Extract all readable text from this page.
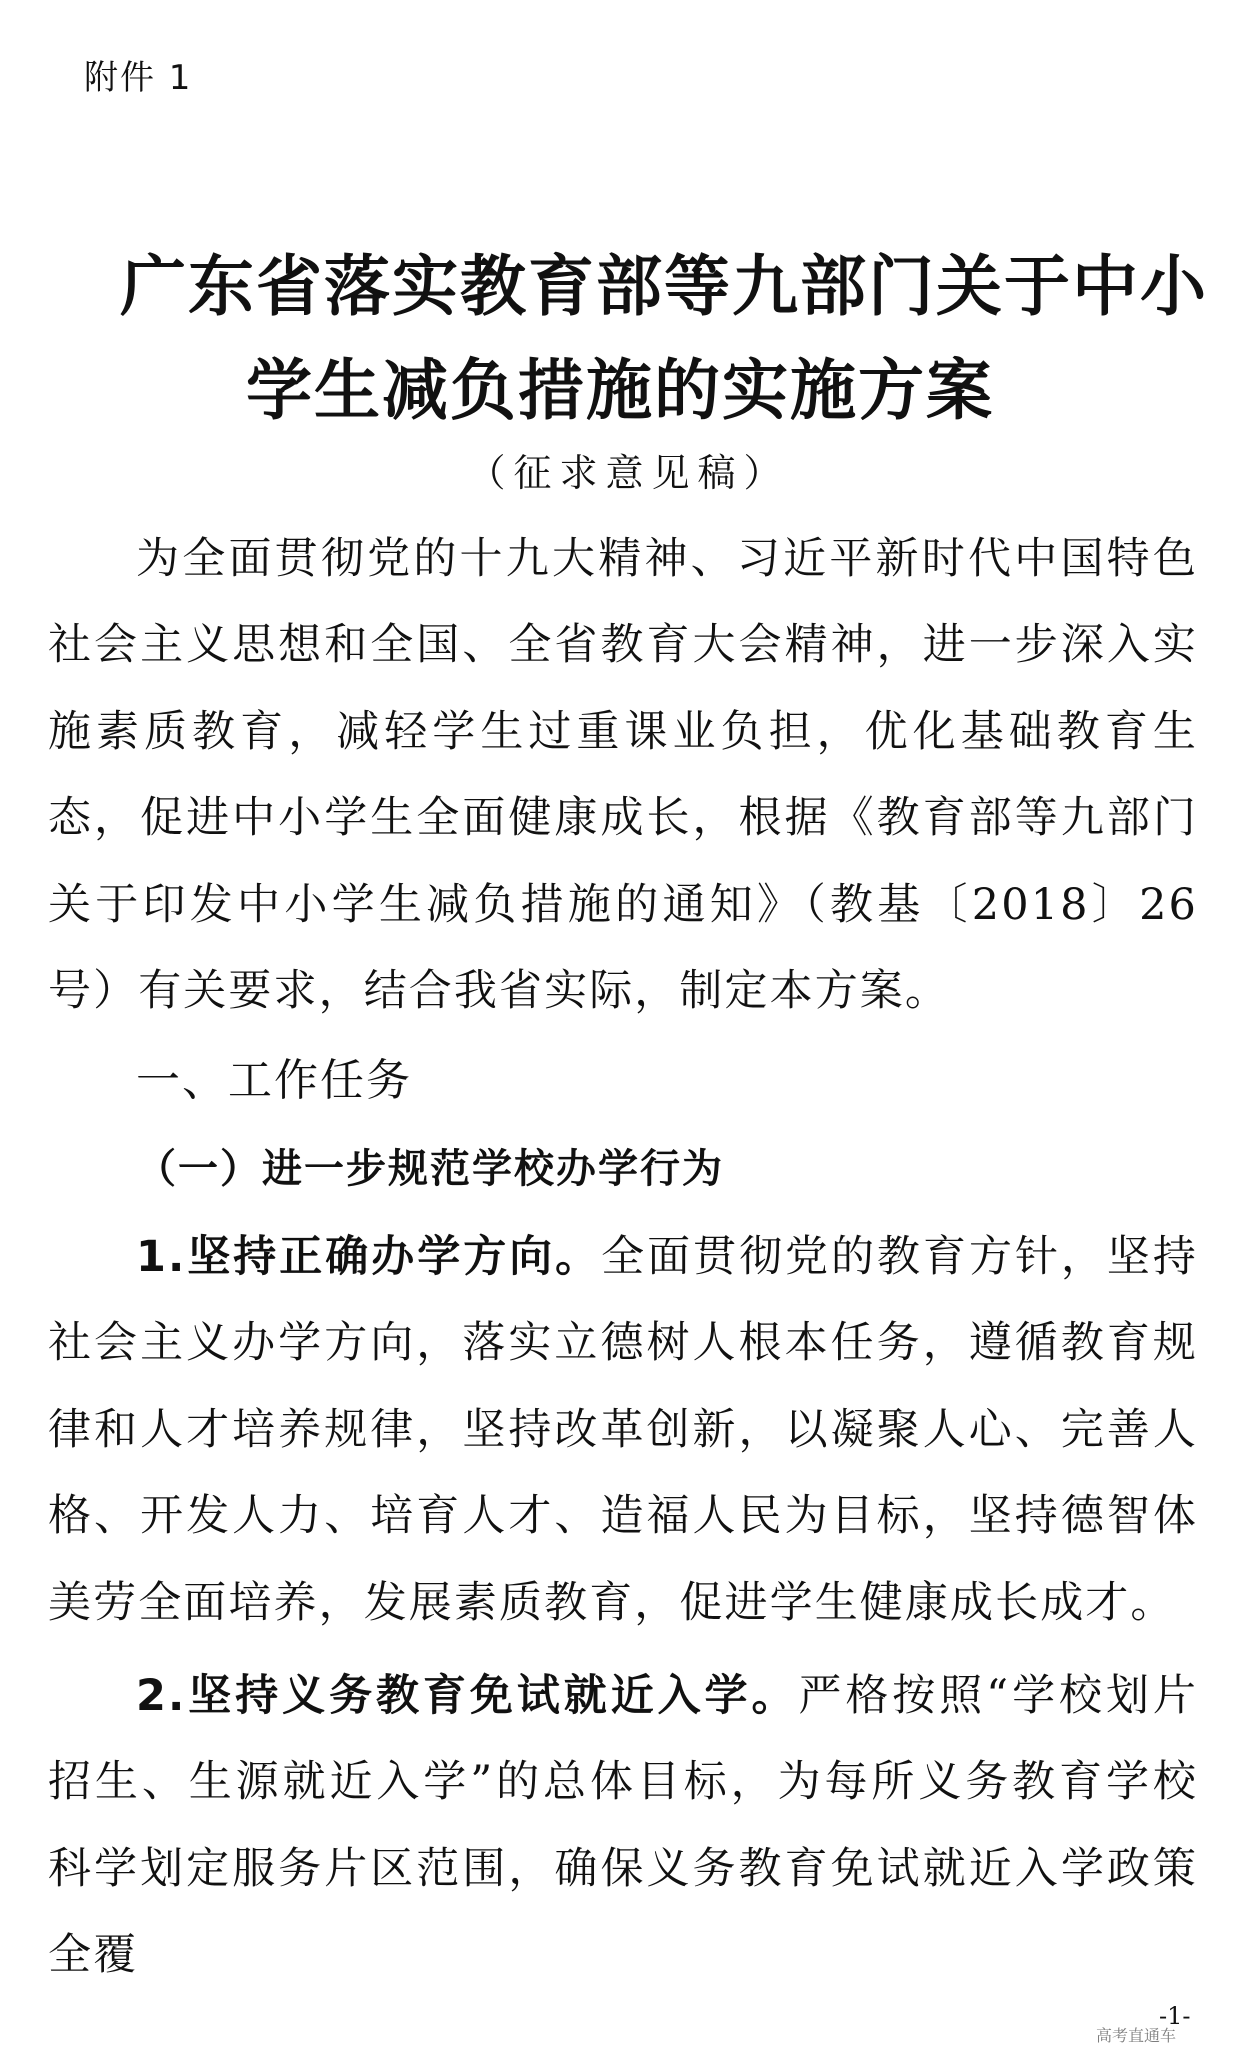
附件 1
广东省落实教育部等九部门关于中小
学生减负措施的实施方案
（征求意见稿）
为全面贯彻党的十九大精神、习近平新时代中国特色社会主义思想和全国、全省教育大会精神，进一步深入实施素质教育，减轻学生过重课业负担，优化基础教育生态，促进中小学生全面健康成长，根据《教育部等九部门关于印发中小学生减负措施的通知》（教基〔2018〕26 号）有关要求，结合我省实际，制定本方案。
一、工作任务
（一）进一步规范学校办学行为
1.坚持正确办学方向。全面贯彻党的教育方针，坚持社会主义办学方向，落实立德树人根本任务，遵循教育规律和人才培养规律，坚持改革创新，以凝聚人心、完善人格、开发人力、培育人才、造福人民为目标，坚持德智体美劳全面培养，发展素质教育，促进学生健康成长成才。
2.坚持义务教育免试就近入学。严格按照“学校划片招生、生源就近入学”的总体目标，为每所义务教育学校科学划定服务片区范围，确保义务教育免试就近入学政策全覆
-1-
高考直通车
